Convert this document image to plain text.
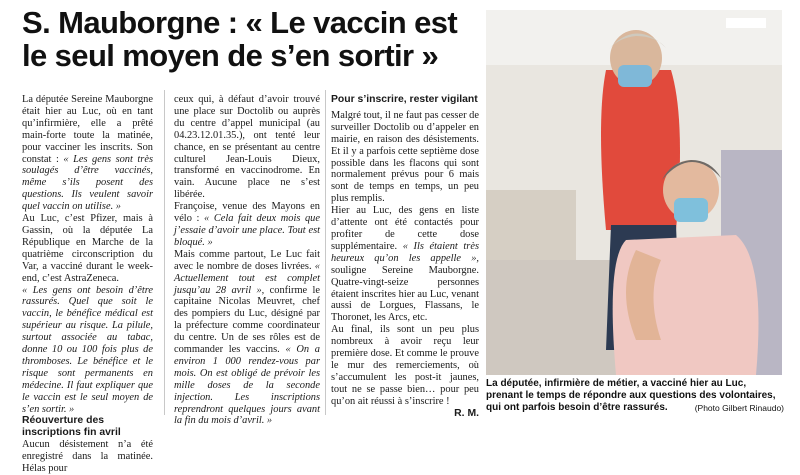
S. Mauborgne : « Le vaccin est le seul moyen de s’en sortir »

La députée Sereine Mauborgne était hier au Luc, où en tant qu’infirmière, elle a prêté main-forte toute la matinée, pour vacciner les inscrits. Son constat : « Les gens sont très soulagés d’être vaccinés, même s’ils posent des questions. Ils veulent savoir quel vaccin on utilise. »

Au Luc, c’est Pfizer, mais à Gassin, où la députée La République en Marche de la quatrième circonscription du Var, a vacciné durant le week-end, c’est AstraZeneca.

« Les gens ont besoin d’être rassurés. Quel que soit le vaccin, le bénéfice médical est supérieur au risque. La pilule, surtout associée au tabac, donne 10 ou 100 fois plus de thromboses. Le bénéfice et le risque sont permanents en médecine. Il faut expliquer que le vaccin est le seul moyen de s’en sortir. »

Réouverture des inscriptions fin avril

Aucun désistement n’a été enregistré dans la matinée. Hélas pour

ceux qui, à défaut d’avoir trouvé une place sur Doctolib ou auprès du centre d’appel municipal (au 04.23.12.01.35.), ont tenté leur chance, en se présentant au centre culturel Jean-Louis Dieux, transformé en vaccinodrome. En vain. Aucune place ne s’est libérée.

Françoise, venue des Mayons en vélo : « Cela fait deux mois que j’essaie d’avoir une place. Tout est bloqué. »

Mais comme partout, Le Luc fait avec le nombre de doses livrées. « Actuellement tout est complet jusqu’au 28 avril », confirme le capitaine Nicolas Meuvret, chef des pompiers du Luc, désigné par la préfecture comme coordinateur du centre. Un de ses rôles est de commander les vaccins. « On a environ 1 000 rendez-vous par mois. On est obligé de prévoir les mille doses de la seconde injection. Les inscriptions reprendront quelques jours avant la fin du mois d’avril. »

Pour s’inscrire, rester vigilant

Malgré tout, il ne faut pas cesser de surveiller Doctolib ou d’appeler en mairie, en raison des désistements. Et il y a parfois cette septième dose possible dans les flacons qui sont normalement prévus pour 6 mais sont de temps en temps, un peu plus remplis.

Hier au Luc, des gens en liste d’attente ont été contactés pour profiter de cette dose supplémentaire. « Ils étaient très heureux qu’on les appelle », souligne Sereine Mauborgne. Quatre-vingt-seize personnes étaient inscrites hier au Luc, venant aussi de Lorgues, Flassans, le Thoronet, les Arcs, etc.

Au final, ils sont un peu plus nombreux à avoir reçu leur première dose. Et comme le prouve le mur des remerciements, où s’accumulent les post-it jaunes, tout ne se passe bien… pour peu qu’on ait réussi à s’inscrire !

R. M.

La députée, infirmière de métier, a vacciné hier au Luc, prenant le temps de répondre aux questions des volontaires, qui ont parfois besoin d’être rassurés.	(Photo Gilbert Rinaudo)
